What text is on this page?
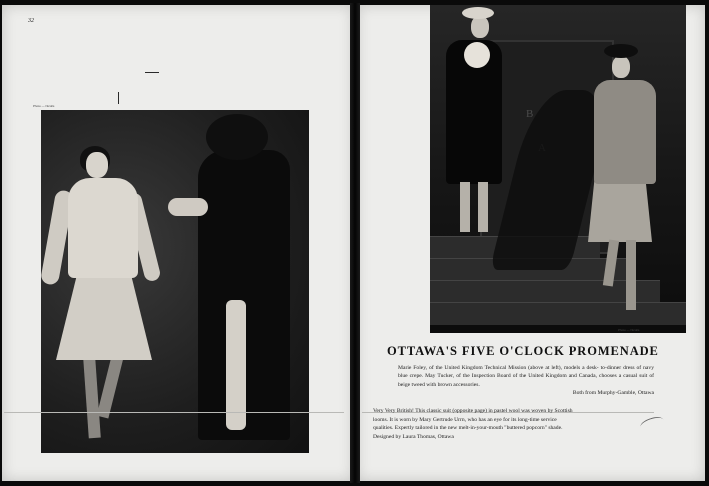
32
Photo — Nicolls
B
Photo — Nicolls
OTTAWA'S FIVE O'CLOCK PROMENADE
Marie Foley, of the United Kingdom Technical Mission (above at left), models a desk- to-dinner dress of navy blue crepe. May Tucker, of the Inspection Board of the United Kingdom and Canada, chooses a casual suit of beige tweed with brown accessories.
Both from Murphy-Gamble, Ottawa
Very Very British! This classic suit (opposite page) in pastel wool was woven by Scottish
looms. It is worn by Mary Gertrude Urrn, who has an eye for its long-time service
qualities. Expertly tailored in the new melt-in-your-mouth "buttered popcorn" shade.
Designed by Laura Thomas, Ottawa
